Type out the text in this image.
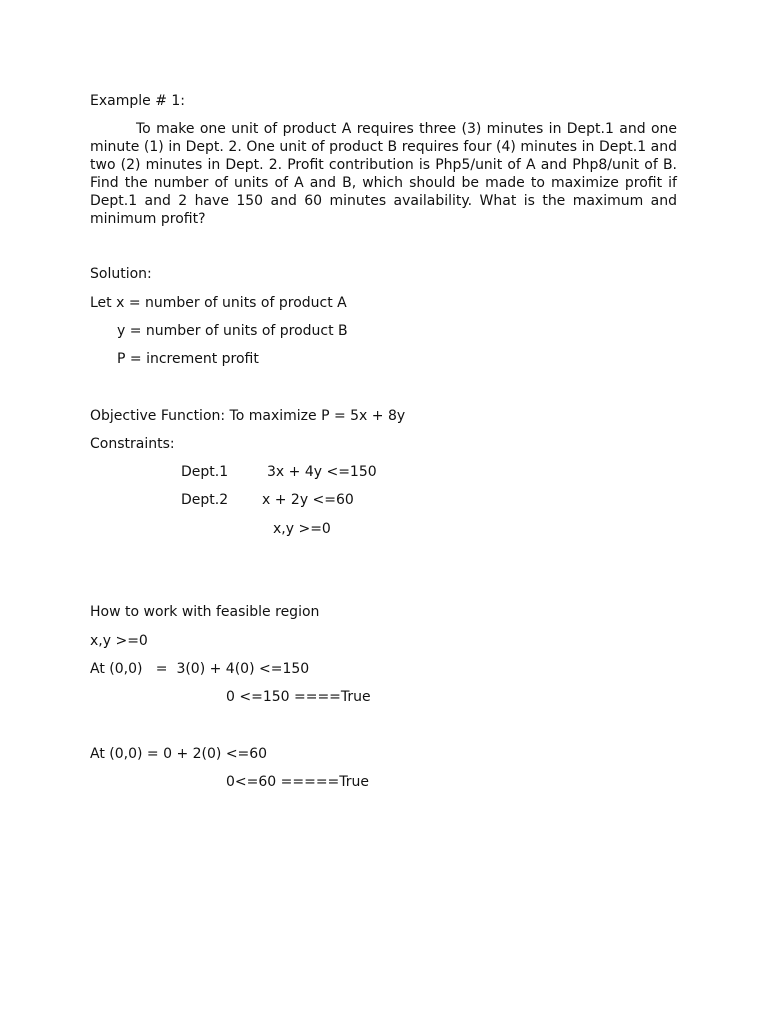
Example # 1:

To make one unit of product A requires three (3) minutes in Dept.1 and one minute (1) in Dept. 2. One unit of product B requires four (4) minutes in Dept.1 and two (2) minutes in Dept. 2. Profit contribution is Php5/unit of A and Php8/unit of B. Find the number of units of A and B, which should be made to maximize profit if Dept.1 and 2 have 150 and 60 minutes availability. What is the maximum and minimum profit?

Solution:
Let x = number of units of product A
y = number of units of product B
P = increment profit
Objective Function: To maximize P = 5x + 8y
Constraints:
Dept.1	3x + 4y <=150
Dept.2 x + 2y <=60
x,y >=0
How to work with feasible region
x,y >=0
At (0,0)   =  3(0) + 4(0) <=150
0 <=150 ====True
At (0,0) = 0 + 2(0) <=60
0<=60 =====True
